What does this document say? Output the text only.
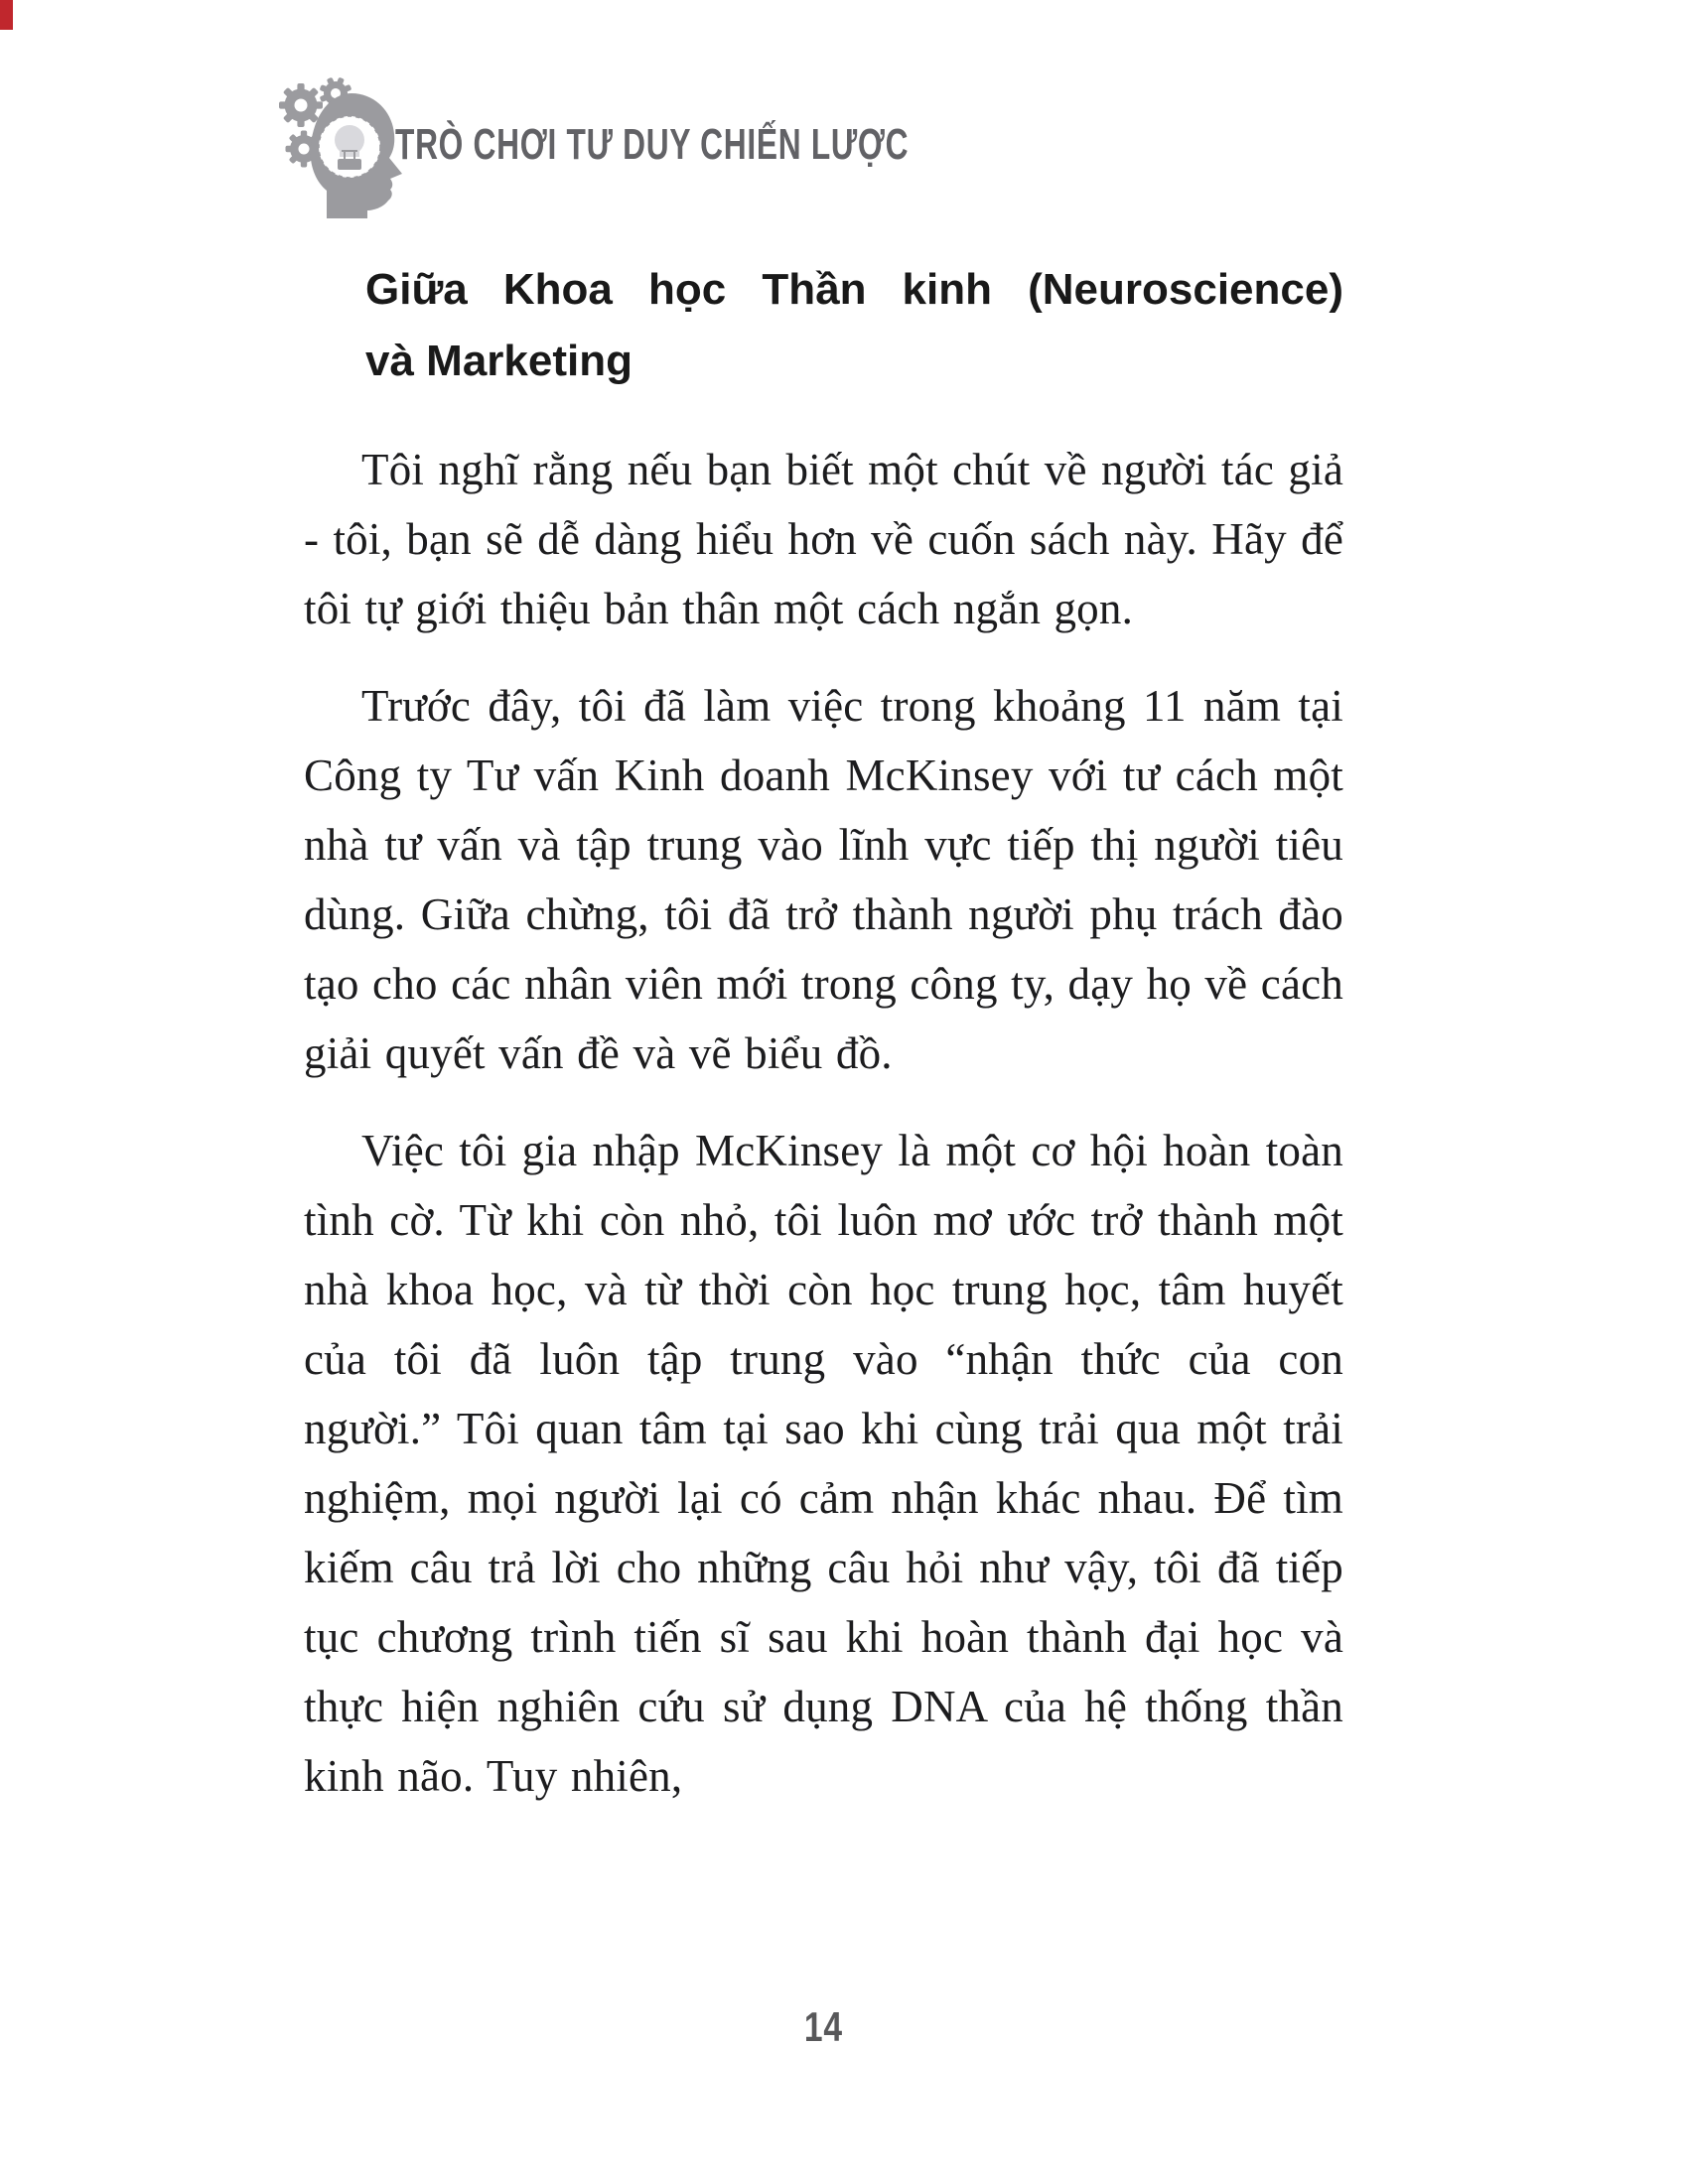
TRÒ CHƠI TƯ DUY CHIẾN LƯỢC
Giữa Khoa học Thần kinh (Neuroscience)
và Marketing

Tôi nghĩ rằng nếu bạn biết một chút về người tác giả - tôi, bạn sẽ dễ dàng hiểu hơn về cuốn sách này. Hãy để tôi tự giới thiệu bản thân một cách ngắn gọn.

Trước đây, tôi đã làm việc trong khoảng 11 năm tại Công ty Tư vấn Kinh doanh McKinsey với tư cách một nhà tư vấn và tập trung vào lĩnh vực tiếp thị người tiêu dùng. Giữa chừng, tôi đã trở thành người phụ trách đào tạo cho các nhân viên mới trong công ty, dạy họ về cách giải quyết vấn đề và vẽ biểu đồ.

Việc tôi gia nhập McKinsey là một cơ hội hoàn toàn tình cờ. Từ khi còn nhỏ, tôi luôn mơ ước trở thành một nhà khoa học, và từ thời còn học trung học, tâm huyết của tôi đã luôn tập trung vào “nhận thức của con người.” Tôi quan tâm tại sao khi cùng trải qua một trải nghiệm, mọi người lại có cảm nhận khác nhau. Để tìm kiếm câu trả lời cho những câu hỏi như vậy, tôi đã tiếp tục chương trình tiến sĩ sau khi hoàn thành đại học và thực hiện nghiên cứu sử dụng DNA của hệ thống thần kinh não. Tuy nhiên,

14
